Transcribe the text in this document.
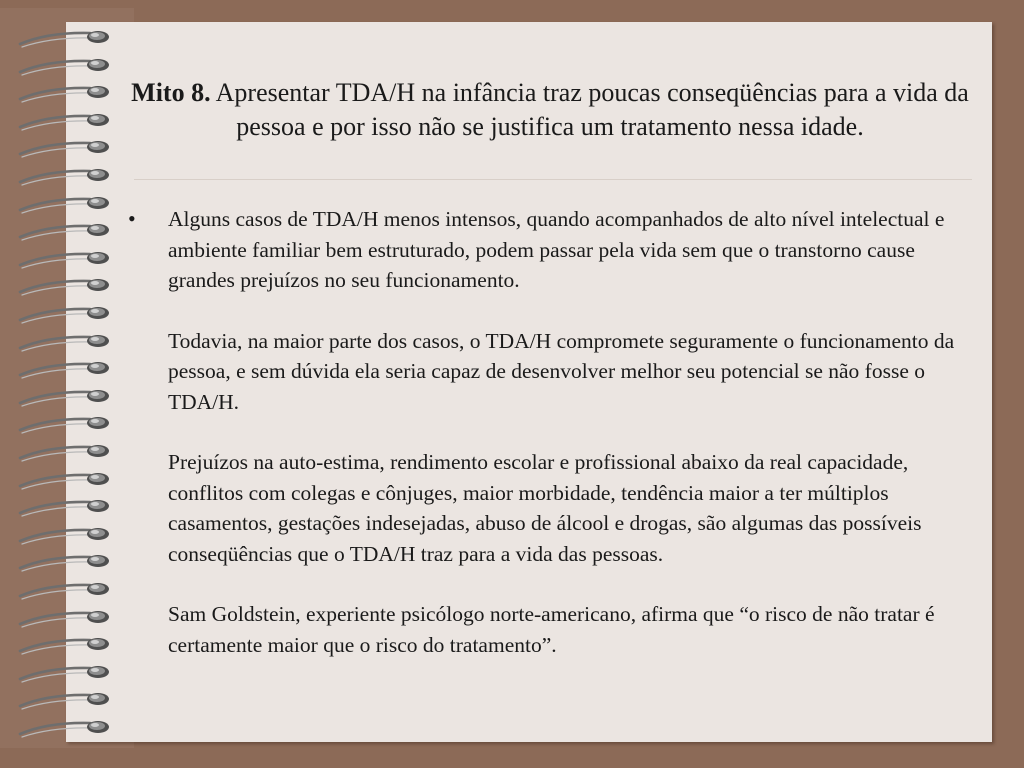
Mito 8. Apresentar TDA/H na infância traz poucas conseqüências para a vida da pessoa e por isso não se justifica um tratamento nessa idade.
• Alguns casos de TDA/H menos intensos, quando acompanhados de alto nível intelectual e ambiente familiar bem estruturado, podem passar pela vida sem que o transtorno cause grandes prejuízos no seu funcionamento.

Todavia, na maior parte dos casos, o TDA/H compromete seguramente o funcionamento da pessoa, e sem dúvida ela seria capaz de desenvolver melhor seu potencial se não fosse o TDA/H.

Prejuízos na auto-estima, rendimento escolar e profissional abaixo da real capacidade, conflitos com colegas e cônjuges, maior morbidade, tendência maior a ter múltiplos casamentos, gestações indesejadas, abuso de álcool e drogas, são algumas das possíveis conseqüências que o TDA/H traz para a vida das pessoas.

Sam Goldstein, experiente psicólogo norte-americano, afirma que “o risco de não tratar é certamente maior que o risco do tratamento”.
